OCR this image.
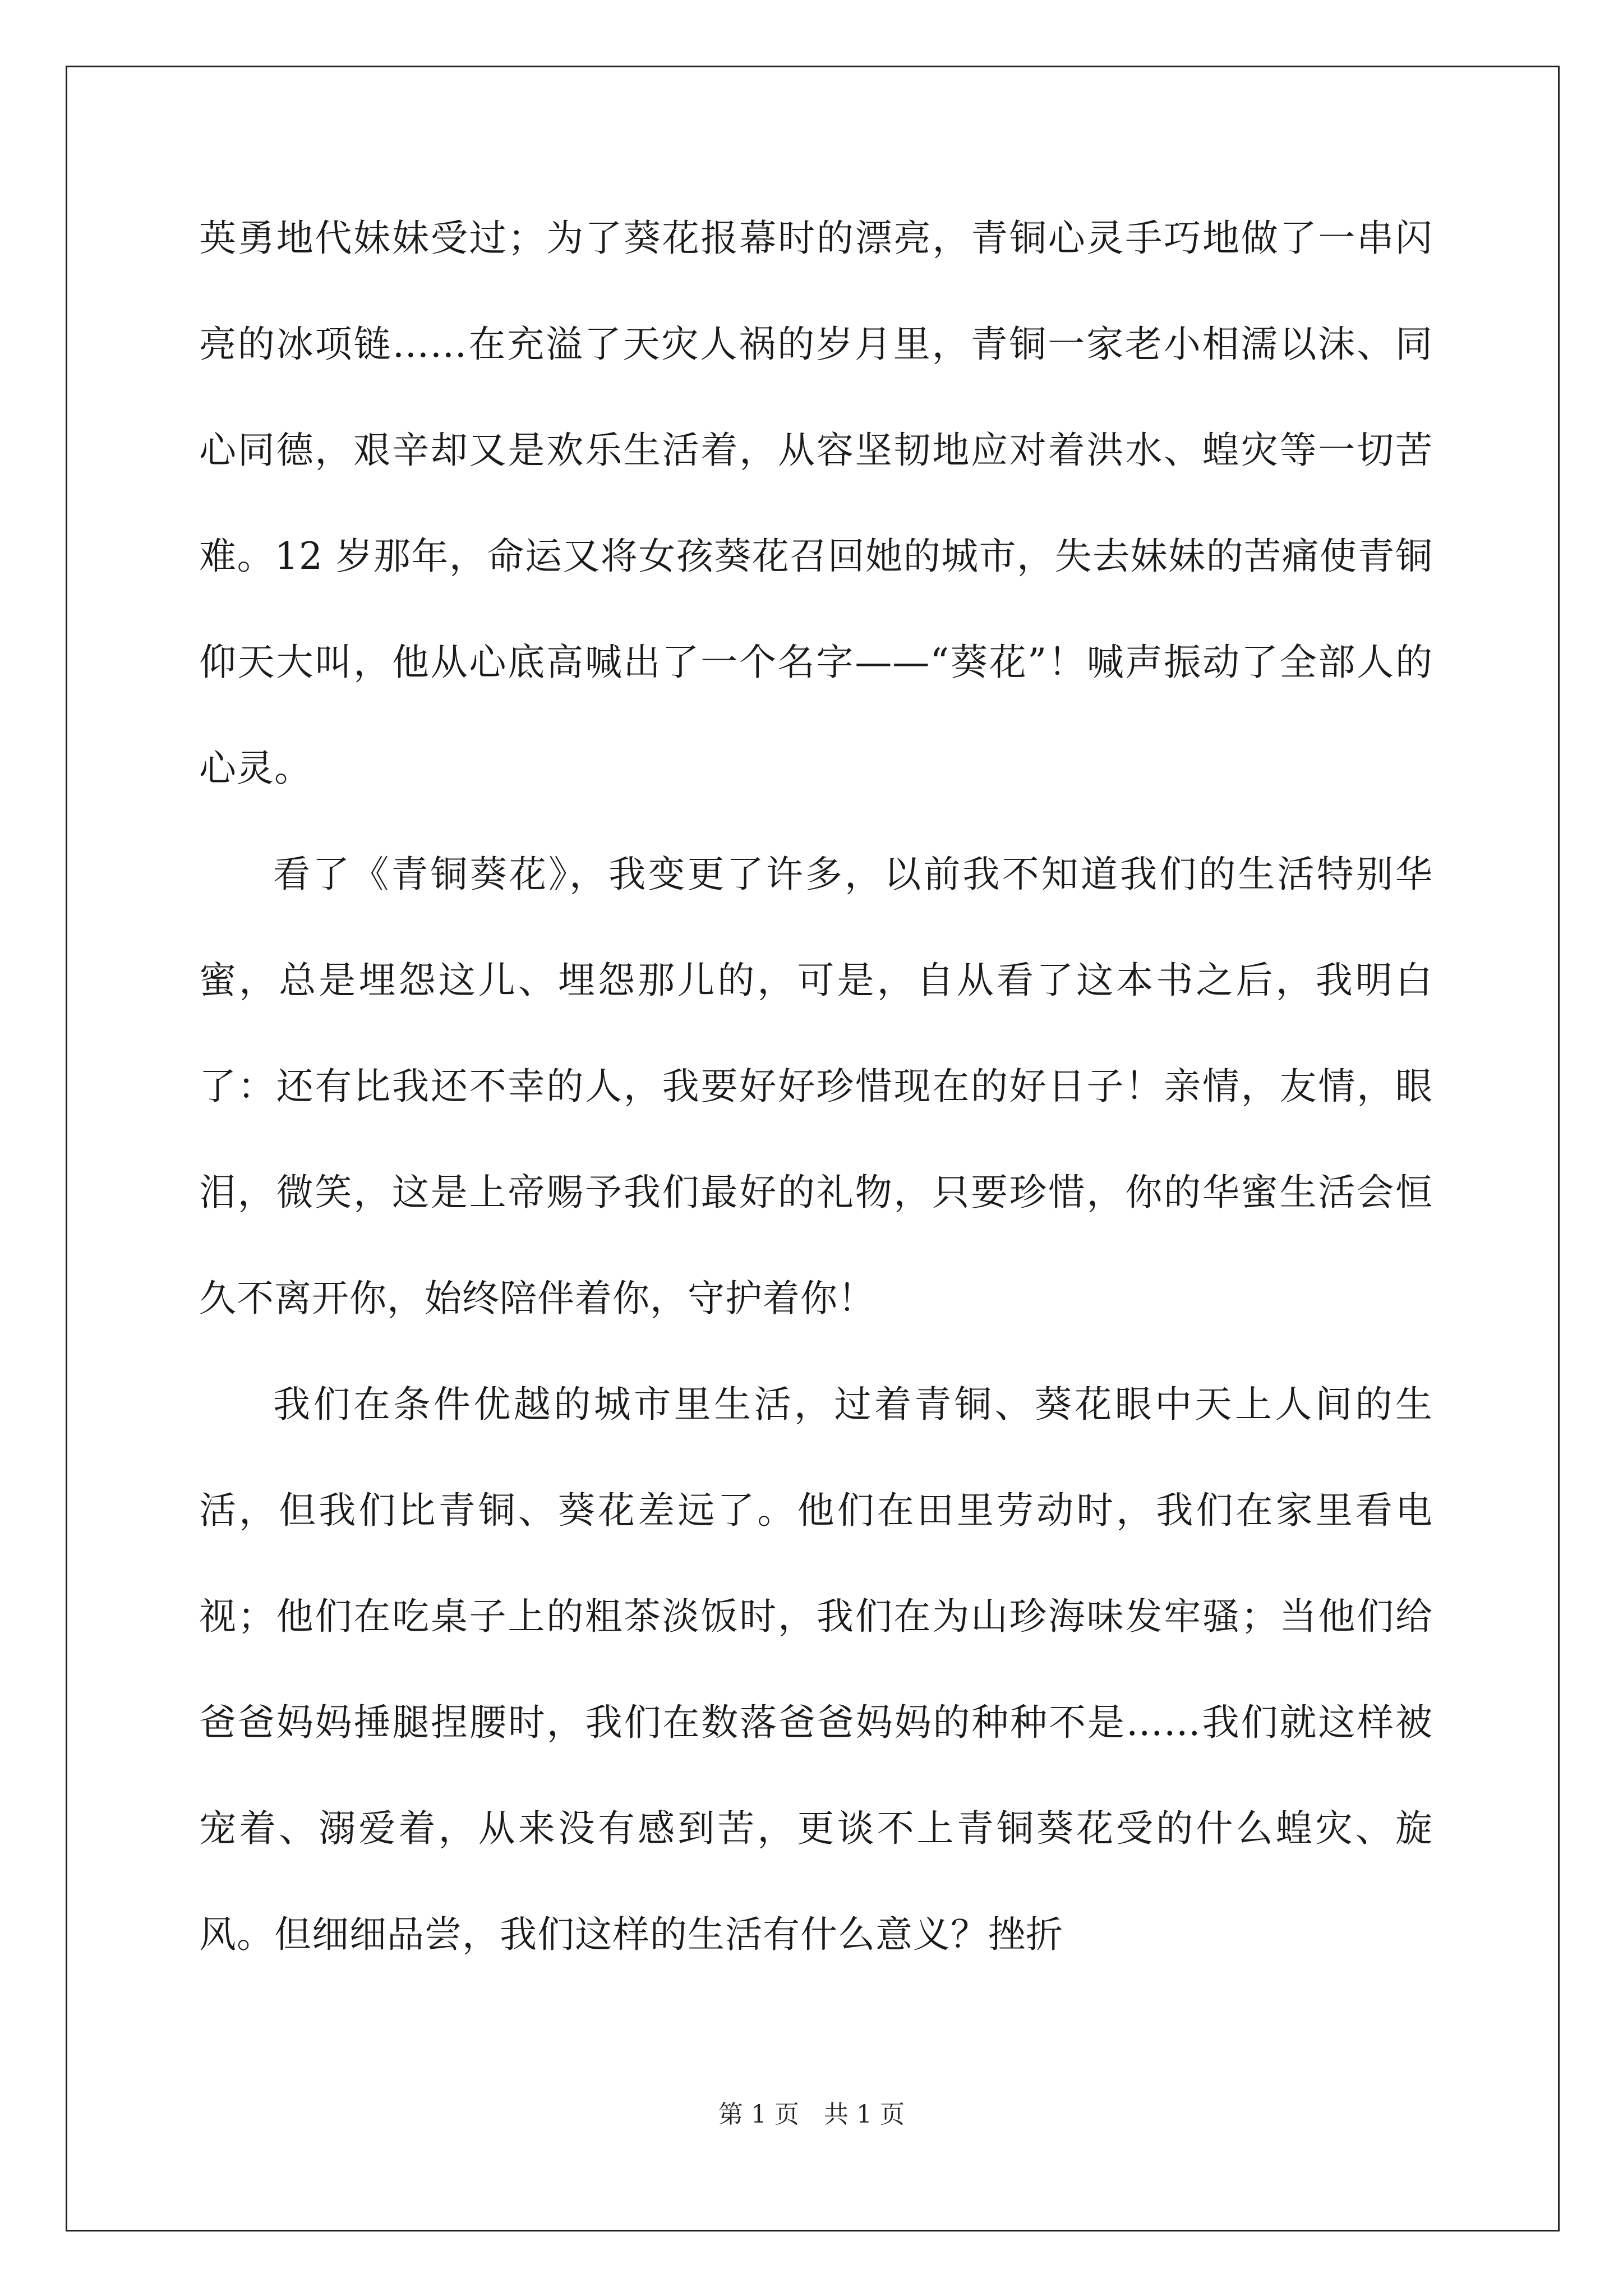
英勇地代妹妹受过；为了葵花报幕时的漂亮，青铜心灵手巧地做了一串闪亮的冰项链……在充溢了天灾人祸的岁月里，青铜一家老小相濡以沫、同心同德，艰辛却又是欢乐生活着，从容坚韧地应对着洪水、蝗灾等一切苦难。12 岁那年，命运又将女孩葵花召回她的城市，失去妹妹的苦痛使青铜仰天大叫，他从心底高喊出了一个名字——“葵花”！喊声振动了全部人的心灵。

看了《青铜葵花》，我变更了许多，以前我不知道我们的生活特别华蜜，总是埋怨这儿、埋怨那儿的，可是，自从看了这本书之后，我明白了：还有比我还不幸的人，我要好好珍惜现在的好日子！亲情，友情，眼泪，微笑，这是上帝赐予我们最好的礼物，只要珍惜，你的华蜜生活会恒久不离开你，始终陪伴着你，守护着你！

我们在条件优越的城市里生活，过着青铜、葵花眼中天上人间的生活，但我们比青铜、葵花差远了。他们在田里劳动时，我们在家里看电视；他们在吃桌子上的粗茶淡饭时，我们在为山珍海味发牢骚；当他们给爸爸妈妈捶腿捏腰时，我们在数落爸爸妈妈的种种不是……我们就这样被宠着、溺爱着，从来没有感到苦，更谈不上青铜葵花受的什么蝗灾、旋风。但细细品尝，我们这样的生活有什么意义？挫折

第 1 页 共 1 页
